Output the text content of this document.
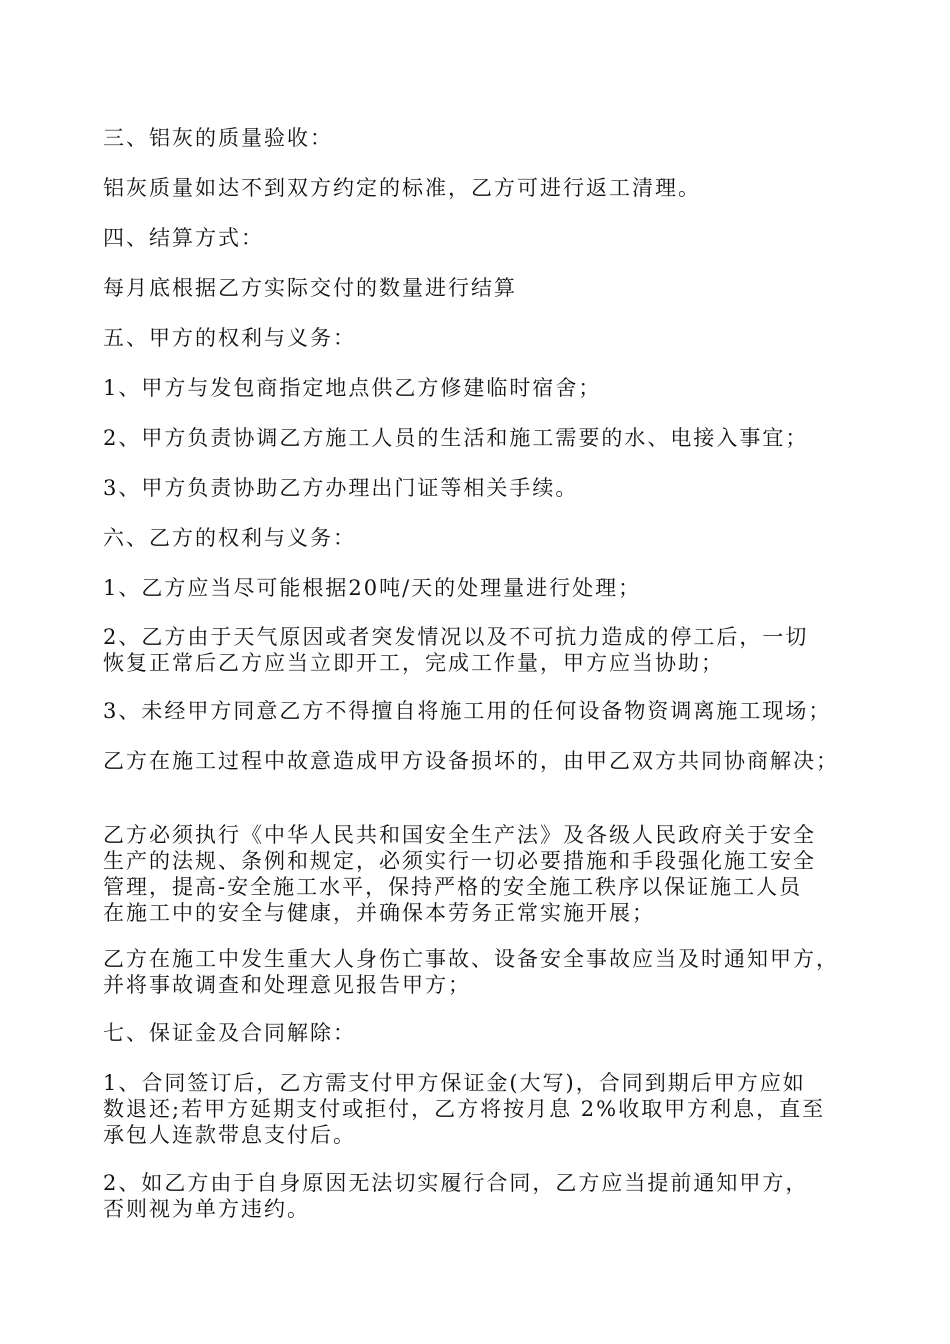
三、铝灰的质量验收：

铝灰质量如达不到双方约定的标准，乙方可进行返工清理。

四、结算方式：

每月底根据乙方实际交付的数量进行结算

五、甲方的权利与义务：

1、甲方与发包商指定地点供乙方修建临时宿舍；

2、甲方负责协调乙方施工人员的生活和施工需要的水、电接入事宜；

3、甲方负责协助乙方办理出门证等相关手续。

六、乙方的权利与义务：

1、乙方应当尽可能根据20吨/天的处理量进行处理；

2、乙方由于天气原因或者突发情况以及不可抗力造成的停工后，一切
恢复正常后乙方应当立即开工，完成工作量，甲方应当协助；

3、未经甲方同意乙方不得擅自将施工用的任何设备物资调离施工现场；

乙方在施工过程中故意造成甲方设备损坏的，由甲乙双方共同协商解决；

乙方必须执行《中华人民共和国安全生产法》及各级人民政府关于安全
生产的法规、条例和规定，必须实行一切必要措施和手段强化施工安全
管理，提高-安全施工水平，保持严格的安全施工秩序以保证施工人员
在施工中的安全与健康，并确保本劳务正常实施开展；
乙方在施工中发生重大人身伤亡事故、设备安全事故应当及时通知甲方，
并将事故调查和处理意见报告甲方；

七、保证金及合同解除：

1、合同签订后，乙方需支付甲方保证金(大写)，合同到期后甲方应如
数退还;若甲方延期支付或拒付，乙方将按月息 2%收取甲方利息，直至
承包人连款带息支付后。
2、如乙方由于自身原因无法切实履行合同，乙方应当提前通知甲方，
否则视为单方违约。
